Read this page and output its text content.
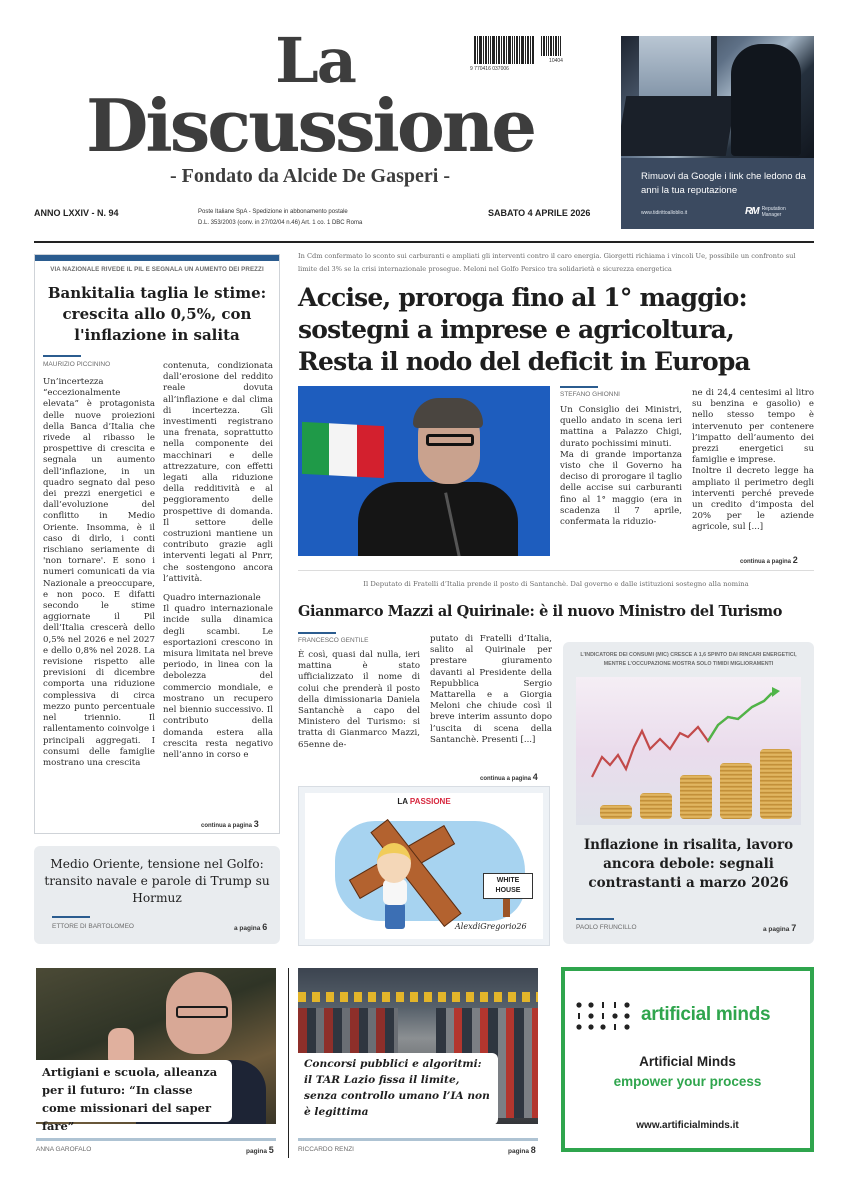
La
Discussione
- Fondato da Alcide De Gasperi -
9 770416 037006
10404
ANNO LXXIV - N. 94	Poste Italiane SpA - Spedizione in abbonamento postale
D.L. 353/2003 (conv. in 27/02/04 n.46) Art. 1 co. 1 DBC Roma
SABATO 4 APRILE 2026
Rimuovi da Google i link che ledono da anni la tua reputazione
www.tidirittoalloblio.it	RM Reputation Manager
VIA NAZIONALE RIVEDE IL PIL E SEGNALA UN AUMENTO DEI PREZZI
Bankitalia taglia le stime: crescita allo 0,5%, con l'inflazione in salita
MAURIZIO PICCININO
Un’incertezza “eccezionalmente elevata” è protagonista delle nuove proiezioni della Banca d’Italia che rivede al ribasso le prospettive di crescita e segnala un aumento dell’inflazione, in un quadro segnato dal peso dei prezzi energetici e dall’evoluzione del conflitto in Medio Oriente. Insomma, è il caso di dirlo, i conti rischiano seriamente di 'non tornare'. E sono i numeri comunicati da via Nazionale a preoccupare, e non poco. E difatti secondo le stime aggiornate il Pil dell’Italia crescerà dello 0,5% nel 2026 e nel 2027 e dello 0,8% nel 2028. La revisione rispetto alle previsioni di dicembre comporta una riduzione complessiva di circa mezzo punto percentuale nel triennio. Il rallentamento coinvolge i principali aggregati. I consumi delle famiglie mostrano una crescita

contenuta, condizionata dall’erosione del reddito reale dovuta all’inflazione e dal clima di incertezza. Gli investimenti registrano una frenata, soprattutto nella componente dei macchinari e delle attrezzature, con effetti legati alla riduzione della redditività e al peggioramento delle prospettive di domanda. Il settore delle costruzioni mantiene un contributo grazie agli interventi legati al Pnrr, che sostengono ancora l’attività.

Quadro internazionale

Il quadro internazionale incide sulla dinamica degli scambi. Le esportazioni crescono in misura limitata nel breve periodo, in linea con la debolezza del commercio mondiale, e mostrano un recupero nel biennio successivo. Il contributo della domanda estera alla crescita resta negativo nell’anno in corso e

continua a pagina 3
In Cdm confermato lo sconto sui carburanti e ampliati gli interventi contro il caro energia. Giorgetti richiama i vincoli Ue, possibile un confronto sul limite del 3% se la crisi internazionale prosegue. Meloni nel Golfo Persico tra solidarietà e sicurezza energetica
Accise, proroga fino al 1° maggio:
sostegni a imprese e agricoltura,
Resta il nodo del deficit in Europa
STEFANO GHIONNI

Un Consiglio dei Ministri, quello andato in scena ieri mattina a Palazzo Chigi, durato pochissimi minuti.

Ma di grande importanza visto che il Governo ha deciso di prorogare il taglio delle accise sui carburanti fino al 1° maggio (era in scadenza il 7 aprile, confermata la riduzio-

ne di 24,4 centesimi al litro su benzina e gasolio) e nello stesso tempo è intervenuto per contenere l’impatto dell’aumento dei prezzi energetici su famiglie e imprese.

Inoltre il decreto legge ha ampliato il perimetro degli interventi perché prevede un credito d’imposta del 20% per le aziende agricole, sul [...]

continua a pagina 2
Il Deputato di Fratelli d’Italia prende il posto di Santanchè. Dal governo e dalle istituzioni sostegno alla nomina
Gianmarco Mazzi al Quirinale: è il nuovo Ministro del Turismo
FRANCESCO GENTILE
È così, quasi dal nulla, ieri mattina è stato ufficializzato il nome di colui che prenderà il posto della dimissionaria Daniela Santanchè a capo del Ministero del Turismo: si tratta di Gianmarco Mazzi, 65enne de-
putato di Fratelli d’Italia, salito al Quirinale per prestare giuramento davanti al Presidente della Repubblica Sergio Mattarella e a Giorgia Meloni che chiude così il breve interim assunto dopo l’uscita di scena della Santanchè. Presenti [...]
continua a pagina 4
LA PASSIONE
WHITE
HOUSE
AlexdiGregorio26
L’INDICATORE DEI CONSUMI (MIC) CRESCE A 1,6 SPINTO DAI RINCARI ENERGETICI, MENTRE L’OCCUPAZIONE MOSTRA SOLO TIMIDI MIGLIORAMENTI
Inflazione in risalita, lavoro ancora debole: segnali contrastanti a marzo 2026
PAOLO FRUNCILLO	a pagina 7
Medio Oriente, tensione nel Golfo: transito navale e parole di Trump su Hormuz
ETTORE DI BARTOLOMEO	a pagina 6
Artigiani e scuola, alleanza per il futuro: “In classe come missionari del saper fare”
ANNA GAROFALO	pagina 5
Concorsi pubblici e algoritmi: il TAR Lazio fissa il limite, senza controllo umano l’IA non è legittima
RICCARDO RENZI	pagina 8
artificial minds
Artificial Minds
empower your process
www.artificialminds.it
